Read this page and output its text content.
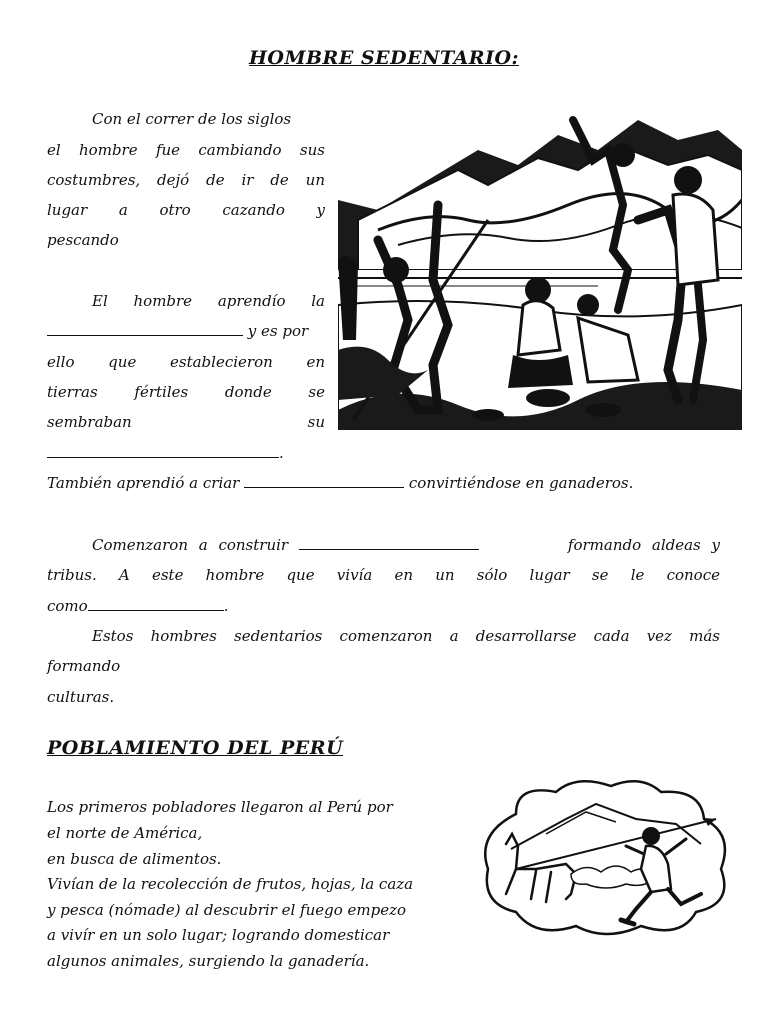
HOMBRE SEDENTARIO:
Con el correr de los siglos
el hombre fue cambiando sus
costumbres, dejó de ir de un
lugar a otro cazando y
pescando
El hombre aprendío la
y es por
ello que establecieron en
tierras fértiles donde se
sembraban su
.
También aprendió a criar	convirtiéndose en ganaderos.
Comenzaron a construir	formando aldeas y
tribus. A este hombre que vivía en un sólo lugar se le conoce
como	.
Estos hombres sedentarios comenzaron a desarrollarse cada vez más
formando
culturas.
POBLAMIENTO DEL PERÚ
Los primeros pobladores llegaron al Perú por
el norte de América,
en busca de alimentos.
Vivían de la recolección de frutos, hojas, la caza
y pesca (nómade) al descubrir el fuego empezo
a vivír en un solo lugar; logrando domesticar
algunos animales, surgiendo la ganadería.
